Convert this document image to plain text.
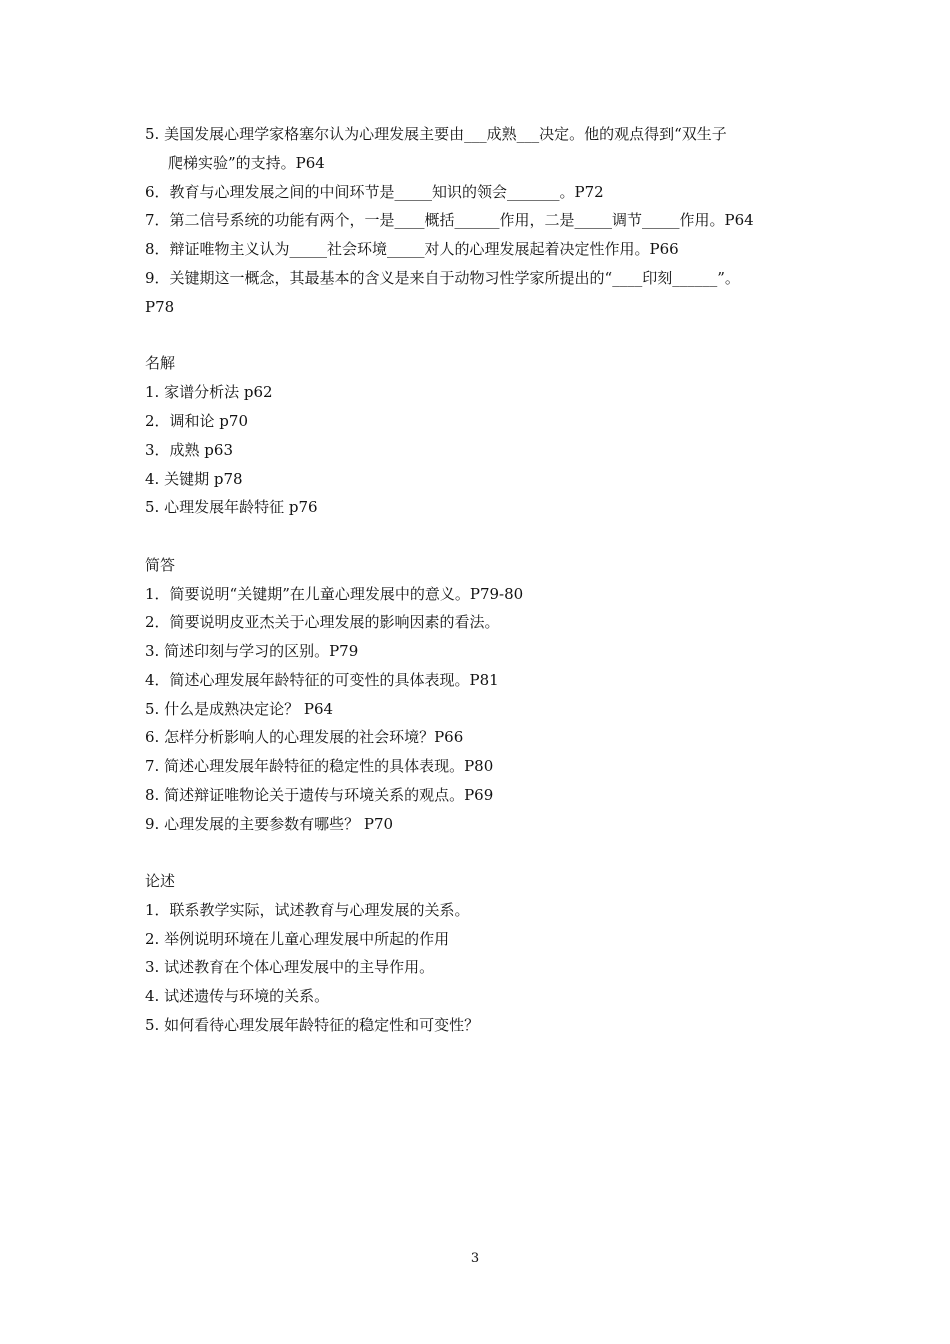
5. 美国发展心理学家格塞尔认为心理发展主要由___成熟___决定。他的观点得到“双生子
爬梯实验”的支持。P64
6．教育与心理发展之间的中间环节是_____知识的领会_______。P72
7．第二信号系统的功能有两个，一是____概括______作用，二是_____调节_____作用。P64
8．辩证唯物主义认为_____社会环境_____对人的心理发展起着决定性作用。P66
9．关键期这一概念，其最基本的含义是来自于动物习性学家所提出的“____印刻______”。
P78
名解
1. 家谱分析法 p62
2．调和论 p70
3．成熟 p63
4. 关键期 p78
5. 心理发展年龄特征 p76
简答
1．简要说明“关键期”在儿童心理发展中的意义。P79-80
2．简要说明皮亚杰关于心理发展的影响因素的看法。
3. 简述印刻与学习的区别。P79
4．简述心理发展年龄特征的可变性的具体表现。P81
5. 什么是成熟决定论？ P64
6. 怎样分析影响人的心理发展的社会环境？P66
7. 简述心理发展年龄特征的稳定性的具体表现。P80
8. 简述辩证唯物论关于遗传与环境关系的观点。P69
9. 心理发展的主要参数有哪些？ P70
论述
1．联系教学实际，试述教育与心理发展的关系。
2. 举例说明环境在儿童心理发展中所起的作用
3. 试述教育在个体心理发展中的主导作用。
4. 试述遗传与环境的关系。
5. 如何看待心理发展年龄特征的稳定性和可变性？
3
